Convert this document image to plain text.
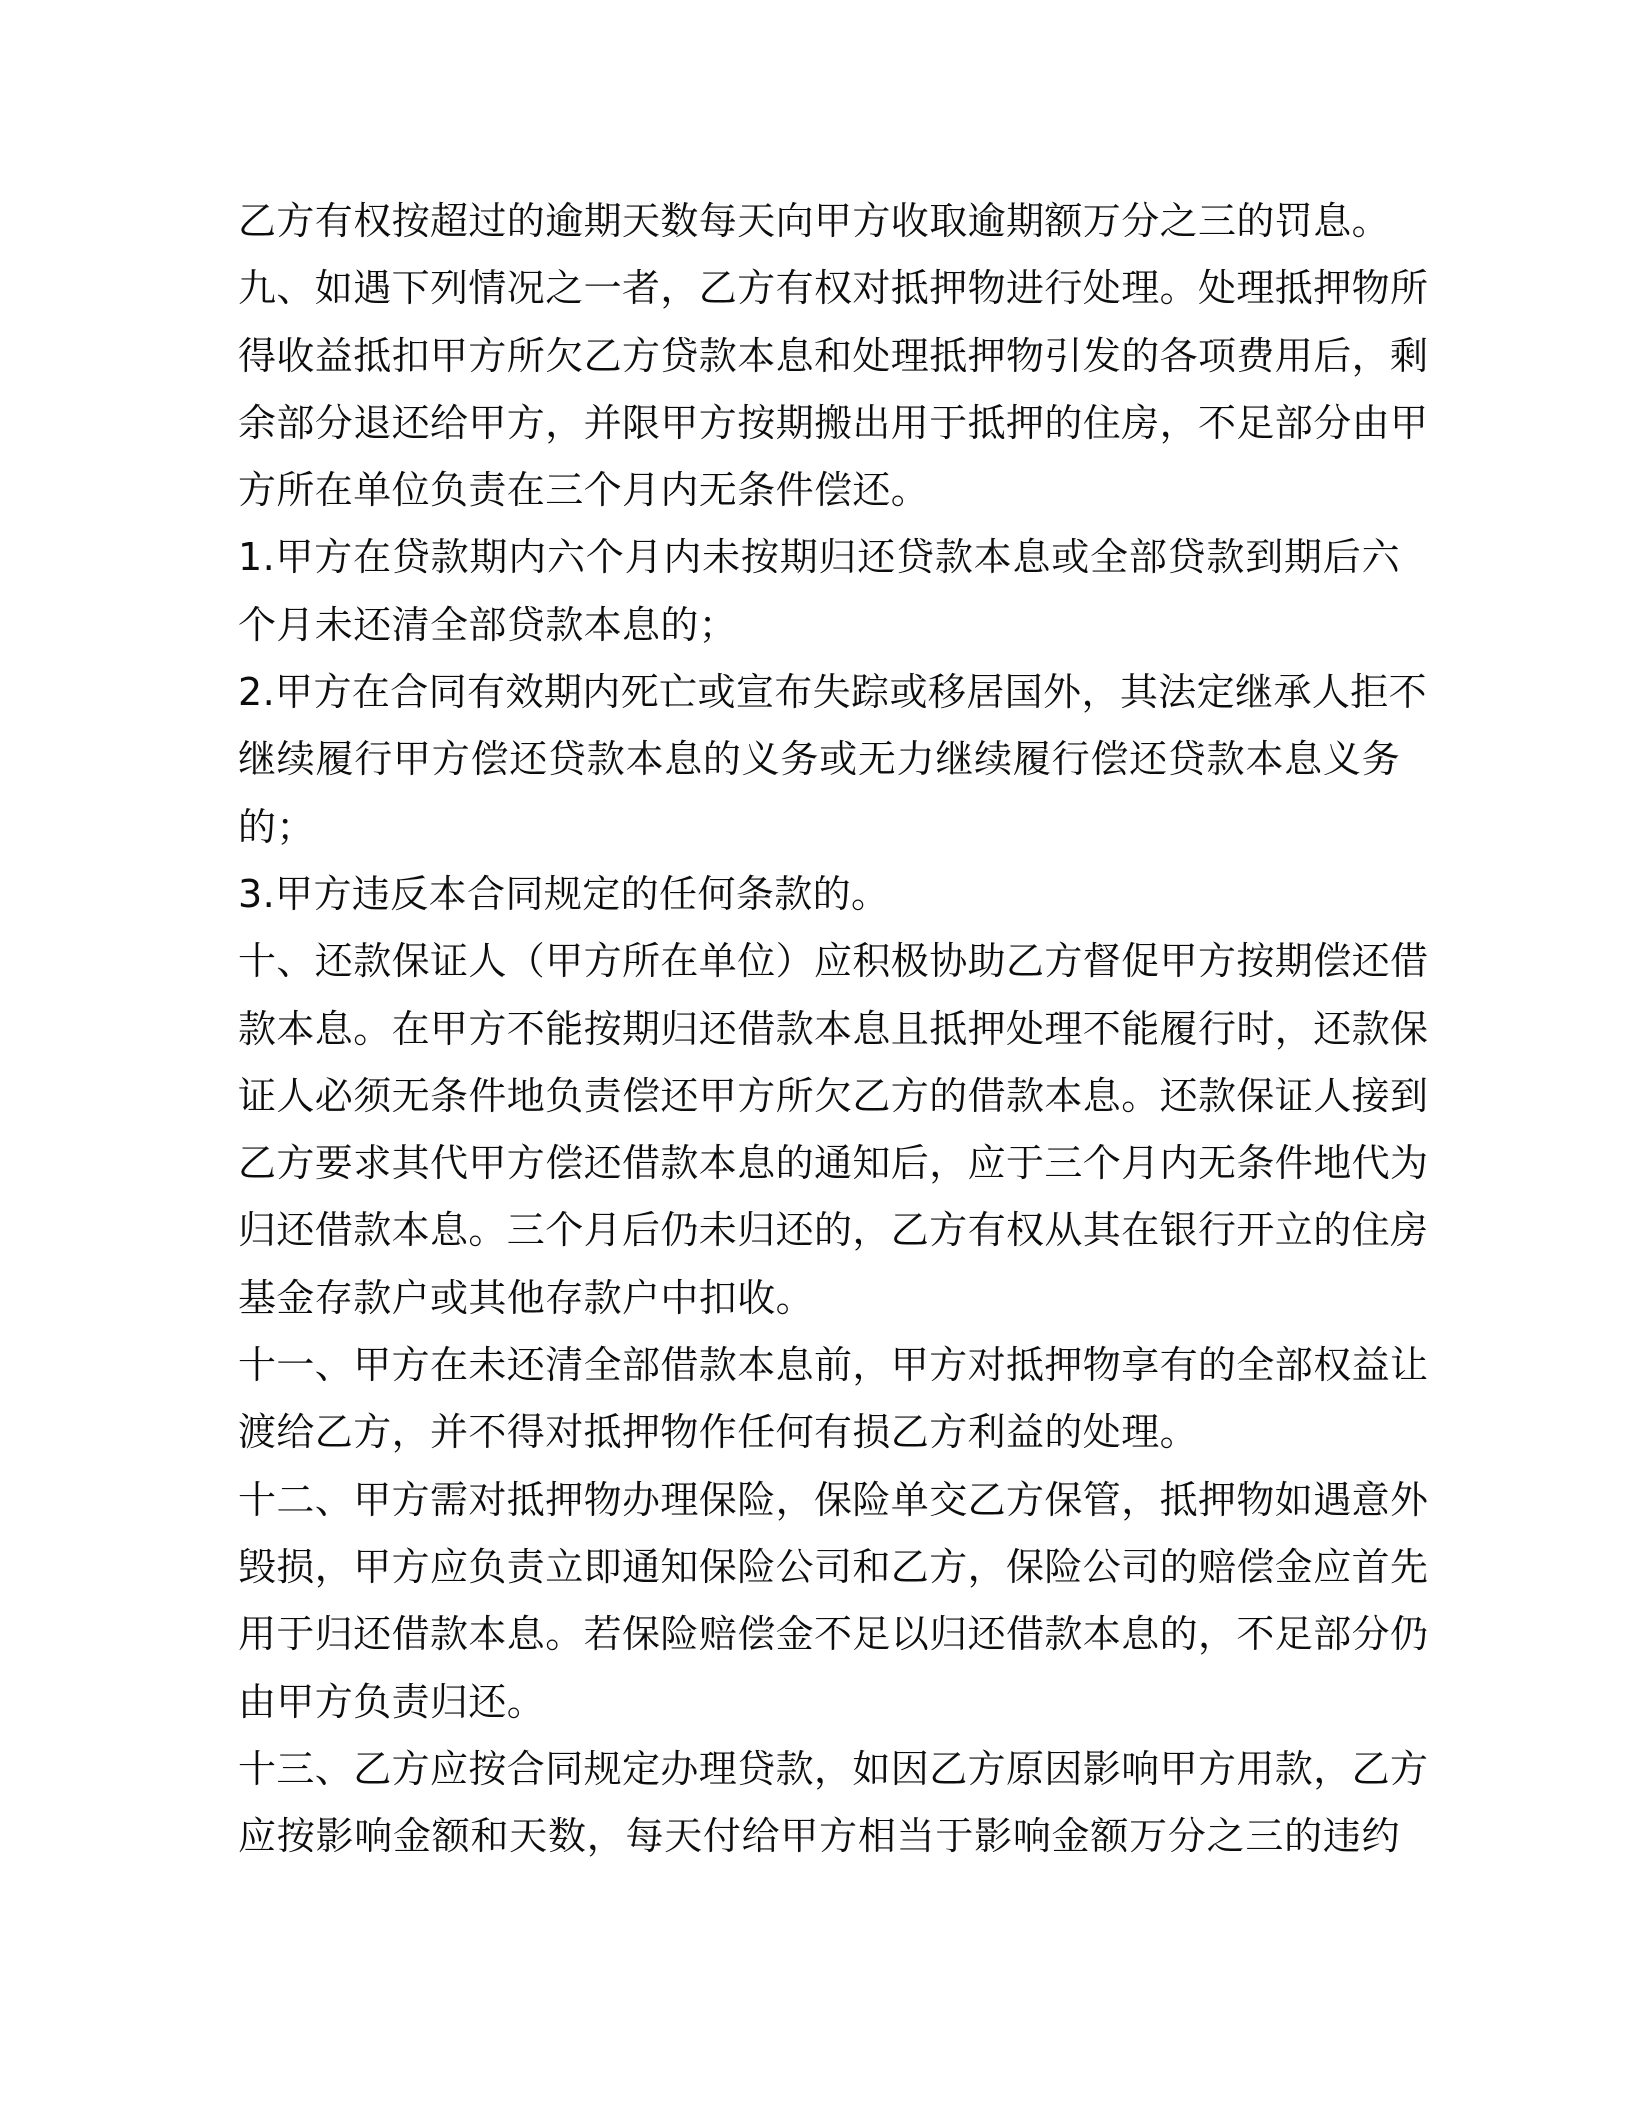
乙方有权按超过的逾期天数每天向甲方收取逾期额万分之三的罚息。
九、如遇下列情况之一者，乙方有权对抵押物进行处理。处理抵押物所
得收益抵扣甲方所欠乙方贷款本息和处理抵押物引发的各项费用后，剩
余部分退还给甲方，并限甲方按期搬出用于抵押的住房，不足部分由甲
方所在单位负责在三个月内无条件偿还。
1.甲方在贷款期内六个月内未按期归还贷款本息或全部贷款到期后六
个月未还清全部贷款本息的；
2.甲方在合同有效期内死亡或宣布失踪或移居国外，其法定继承人拒不
继续履行甲方偿还贷款本息的义务或无力继续履行偿还贷款本息义务
的；
3.甲方违反本合同规定的任何条款的。
十、还款保证人（甲方所在单位）应积极协助乙方督促甲方按期偿还借
款本息。在甲方不能按期归还借款本息且抵押处理不能履行时，还款保
证人必须无条件地负责偿还甲方所欠乙方的借款本息。还款保证人接到
乙方要求其代甲方偿还借款本息的通知后，应于三个月内无条件地代为
归还借款本息。三个月后仍未归还的，乙方有权从其在银行开立的住房
基金存款户或其他存款户中扣收。
十一、甲方在未还清全部借款本息前，甲方对抵押物享有的全部权益让
渡给乙方，并不得对抵押物作任何有损乙方利益的处理。
十二、甲方需对抵押物办理保险，保险单交乙方保管，抵押物如遇意外
毁损，甲方应负责立即通知保险公司和乙方，保险公司的赔偿金应首先
用于归还借款本息。若保险赔偿金不足以归还借款本息的，不足部分仍
由甲方负责归还。
十三、乙方应按合同规定办理贷款，如因乙方原因影响甲方用款，乙方
应按影响金额和天数，每天付给甲方相当于影响金额万分之三的违约
